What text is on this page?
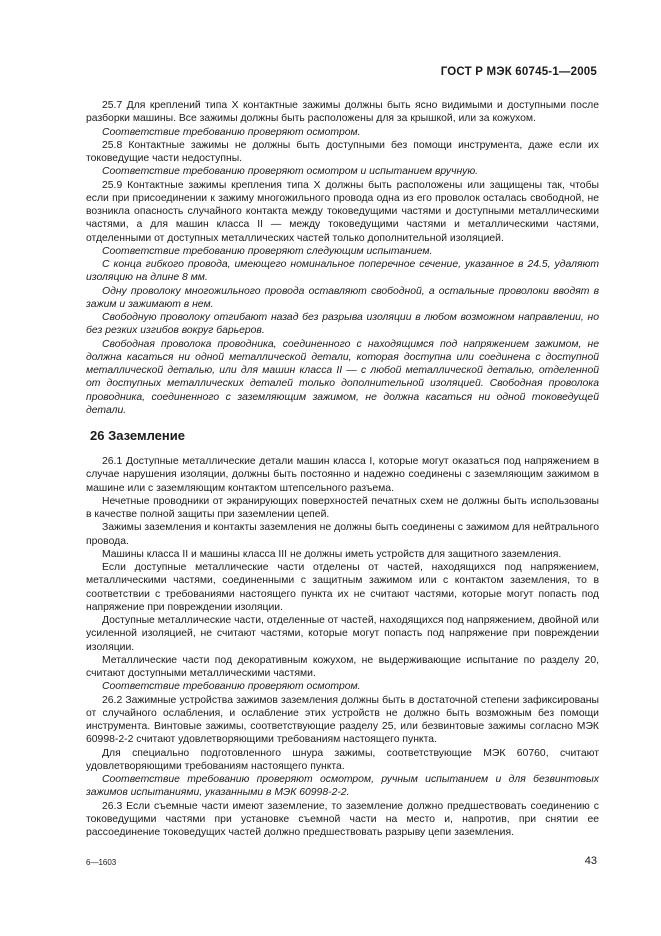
ГОСТ Р МЭК 60745-1—2005

25.7 Для креплений типа X контактные зажимы должны быть ясно видимыми и доступными после разборки машины. Все зажимы должны быть расположены для за крышкой, или за кожухом.

Соответствие требованию проверяют осмотром.

25.8 Контактные зажимы не должны быть доступными без помощи инструмента, даже если их токоведущие части недоступны.

Соответствие требованию проверяют осмотром и испытанием вручную.

25.9 Контактные зажимы крепления типа X должны быть расположены или защищены так, чтобы если при присоединении к зажиму многожильного провода одна из его проволок осталась свободной, не возникла опасность случайного контакта между токоведущими частями и доступными металлическими частями, а для машин класса II — между токоведущими частями и металлическими частями, отделенными от доступных металлических частей только дополнительной изоляцией.

Соответствие требованию проверяют следующим испытанием.

С конца гибкого провода, имеющего номинальное поперечное сечение, указанное в 24.5, удаляют изоляцию на длине 8 мм.

Одну проволоку многожильного провода оставляют свободной, а остальные проволоки вводят в зажим и зажимают в нем.

Свободную проволоку отгибают назад без разрыва изоляции в любом возможном направлении, но без резких изгибов вокруг барьеров.

Свободная проволока проводника, соединенного с находящимся под напряжением зажимом, не должна касаться ни одной металлической детали, которая доступна или соединена с доступной металлической деталью, или для машин класса II — с любой металлической деталью, отделенной от доступных металлических деталей только дополнительной изоляцией. Свободная проволока проводника, соединенного с заземляющим зажимом, не должна касаться ни одной токоведущей детали.

26 Заземление

26.1 Доступные металлические детали машин класса I, которые могут оказаться под напряжением в случае нарушения изоляции, должны быть постоянно и надежно соединены с заземляющим зажимом в машине или с заземляющим контактом штепсельного разъема.

Нечетные проводники от экранирующих поверхностей печатных схем не должны быть использованы в качестве полной защиты при заземлении цепей.

Зажимы заземления и контакты заземления не должны быть соединены с зажимом для нейтрального провода.

Машины класса II и машины класса III не должны иметь устройств для защитного заземления.

Если доступные металлические части отделены от частей, находящихся под напряжением, металлическими частями, соединенными с защитным зажимом или с контактом заземления, то в соответствии с требованиями настоящего пункта их не считают частями, которые могут попасть под напряжение при повреждении изоляции.

Доступные металлические части, отделенные от частей, находящихся под напряжением, двойной или усиленной изоляцией, не считают частями, которые могут попасть под напряжение при повреждении изоляции.

Металлические части под декоративным кожухом, не выдерживающие испытание по разделу 20, считают доступными металлическими частями.

Соответствие требованию проверяют осмотром.

26.2 Зажимные устройства зажимов заземления должны быть в достаточной степени зафиксированы от случайного ослабления, и ослабление этих устройств не должно быть возможным без помощи инструмента. Винтовые зажимы, соответствующие разделу 25, или безвинтовые зажимы согласно МЭК 60998-2-2 считают удовлетворяющими требованиям настоящего пункта.

Для специально подготовленного шнура зажимы, соответствующие МЭК 60760, считают удовлетворяющими требованиям настоящего пункта.

Соответствие требованию проверяют осмотром, ручным испытанием и для безвинтовых зажимов испытаниями, указанными в МЭК 60998-2-2.

26.3 Если съемные части имеют заземление, то заземление должно предшествовать соединению с токоведущими частями при установке съемной части на место и, напротив, при снятии ее рассоединение токоведущих частей должно предшествовать разрыву цепи заземления.

6—1603	43
